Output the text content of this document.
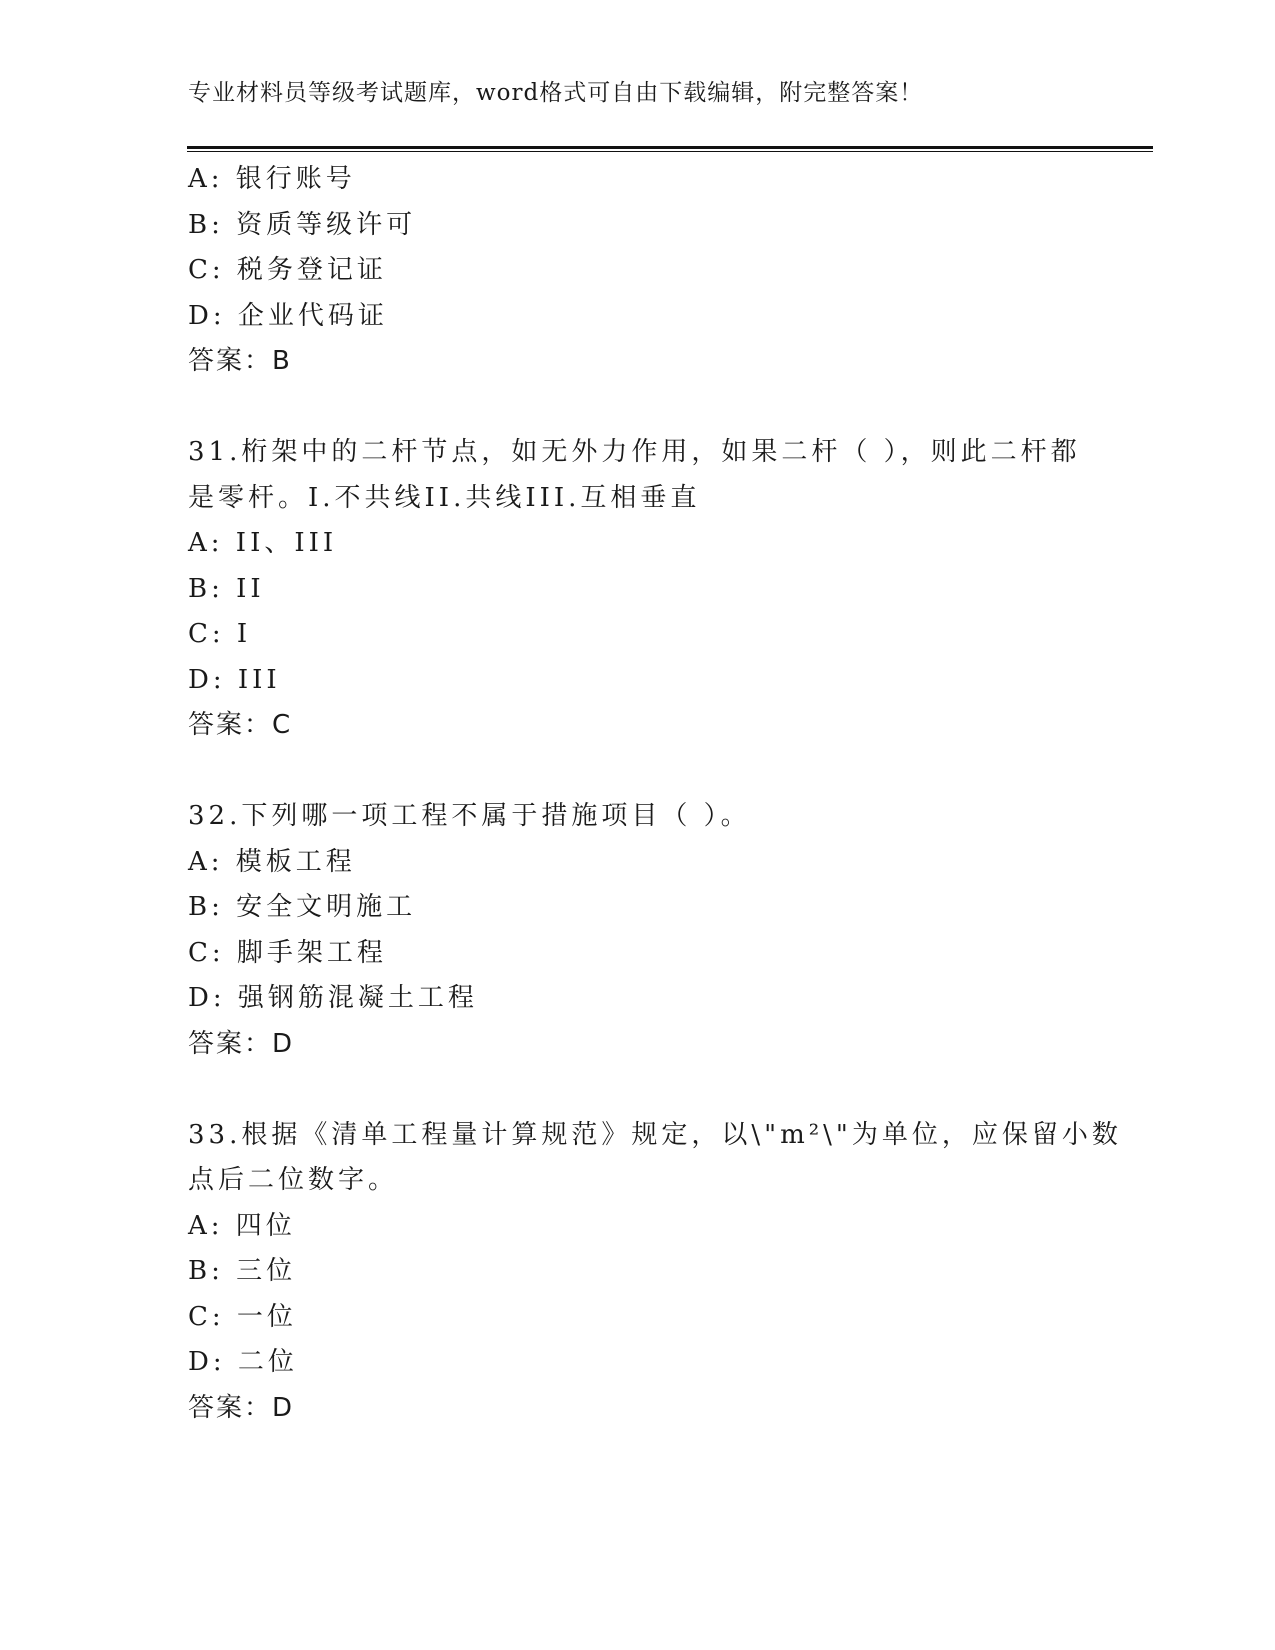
专业材料员等级考试题库，word格式可自由下载编辑，附完整答案！
A: 银行账号
B: 资质等级许可
C: 税务登记证
D: 企业代码证
答案：B
31.桁架中的二杆节点，如无外力作用，如果二杆（ ），则此二杆都
是零杆。I.不共线II.共线III.互相垂直
A: II、III
B: II
C: I
D: III
答案：C
32.下列哪一项工程不属于措施项目（ ）。
A: 模板工程
B: 安全文明施工
C: 脚手架工程
D: 强钢筋混凝土工程
答案：D
33.根据《清单工程量计算规范》规定，以\"m²\"为单位，应保留小数
点后二位数字。
A: 四位
B: 三位
C: 一位
D: 二位
答案：D
